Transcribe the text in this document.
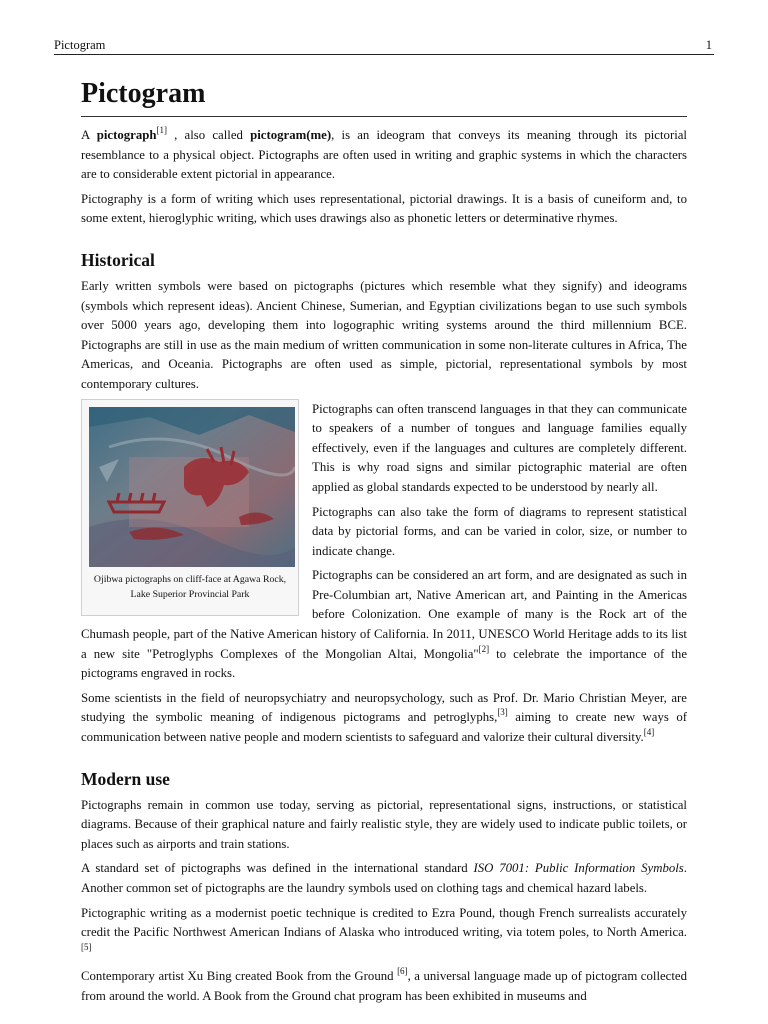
Pictogram	1
Pictogram

A pictograph[1] , also called pictogram(me), is an ideogram that conveys its meaning through its pictorial resemblance to a physical object. Pictographs are often used in writing and graphic systems in which the characters are to considerable extent pictorial in appearance.

Pictography is a form of writing which uses representational, pictorial drawings. It is a basis of cuneiform and, to some extent, hieroglyphic writing, which uses drawings also as phonetic letters or determinative rhymes.

Historical

Early written symbols were based on pictographs (pictures which resemble what they signify) and ideograms (symbols which represent ideas). Ancient Chinese, Sumerian, and Egyptian civilizations began to use such symbols over 5000 years ago, developing them into logographic writing systems around the third millennium BCE. Pictographs are still in use as the main medium of written communication in some non-literate cultures in Africa, The Americas, and Oceania. Pictographs are often used as simple, pictorial, representational symbols by most contemporary cultures.

Ojibwa pictographs on cliff-face at Agawa Rock, Lake Superior Provincial Park

Pictographs can often transcend languages in that they can communicate to speakers of a number of tongues and language families equally effectively, even if the languages and cultures are completely different. This is why road signs and similar pictographic material are often applied as global standards expected to be understood by nearly all.

Pictographs can also take the form of diagrams to represent statistical data by pictorial forms, and can be varied in color, size, or number to indicate change.

Pictographs can be considered an art form, and are designated as such in Pre-Columbian art, Native American art, and Painting in the Americas before Colonization. One example of many is the Rock art of the Chumash people, part of the Native American history of California. In 2011, UNESCO World Heritage adds to its list a new site "Petroglyphs Complexes of the Mongolian Altai, Mongolia"[2] to celebrate the importance of the pictograms engraved in rocks.

Some scientists in the field of neuropsychiatry and neuropsychology, such as Prof. Dr. Mario Christian Meyer, are studying the symbolic meaning of indigenous pictograms and petroglyphs,[3] aiming to create new ways of communication between native people and modern scientists to safeguard and valorize their cultural diversity.[4]

Modern use

Pictographs remain in common use today, serving as pictorial, representational signs, instructions, or statistical diagrams. Because of their graphical nature and fairly realistic style, they are widely used to indicate public toilets, or places such as airports and train stations.

A standard set of pictographs was defined in the international standard ISO 7001: Public Information Symbols. Another common set of pictographs are the laundry symbols used on clothing tags and chemical hazard labels.

Pictographic writing as a modernist poetic technique is credited to Ezra Pound, though French surrealists accurately credit the Pacific Northwest American Indians of Alaska who introduced writing, via totem poles, to North America.[5]

Contemporary artist Xu Bing created Book from the Ground [6], a universal language made up of pictogram collected from around the world. A Book from the Ground chat program has been exhibited in museums and
